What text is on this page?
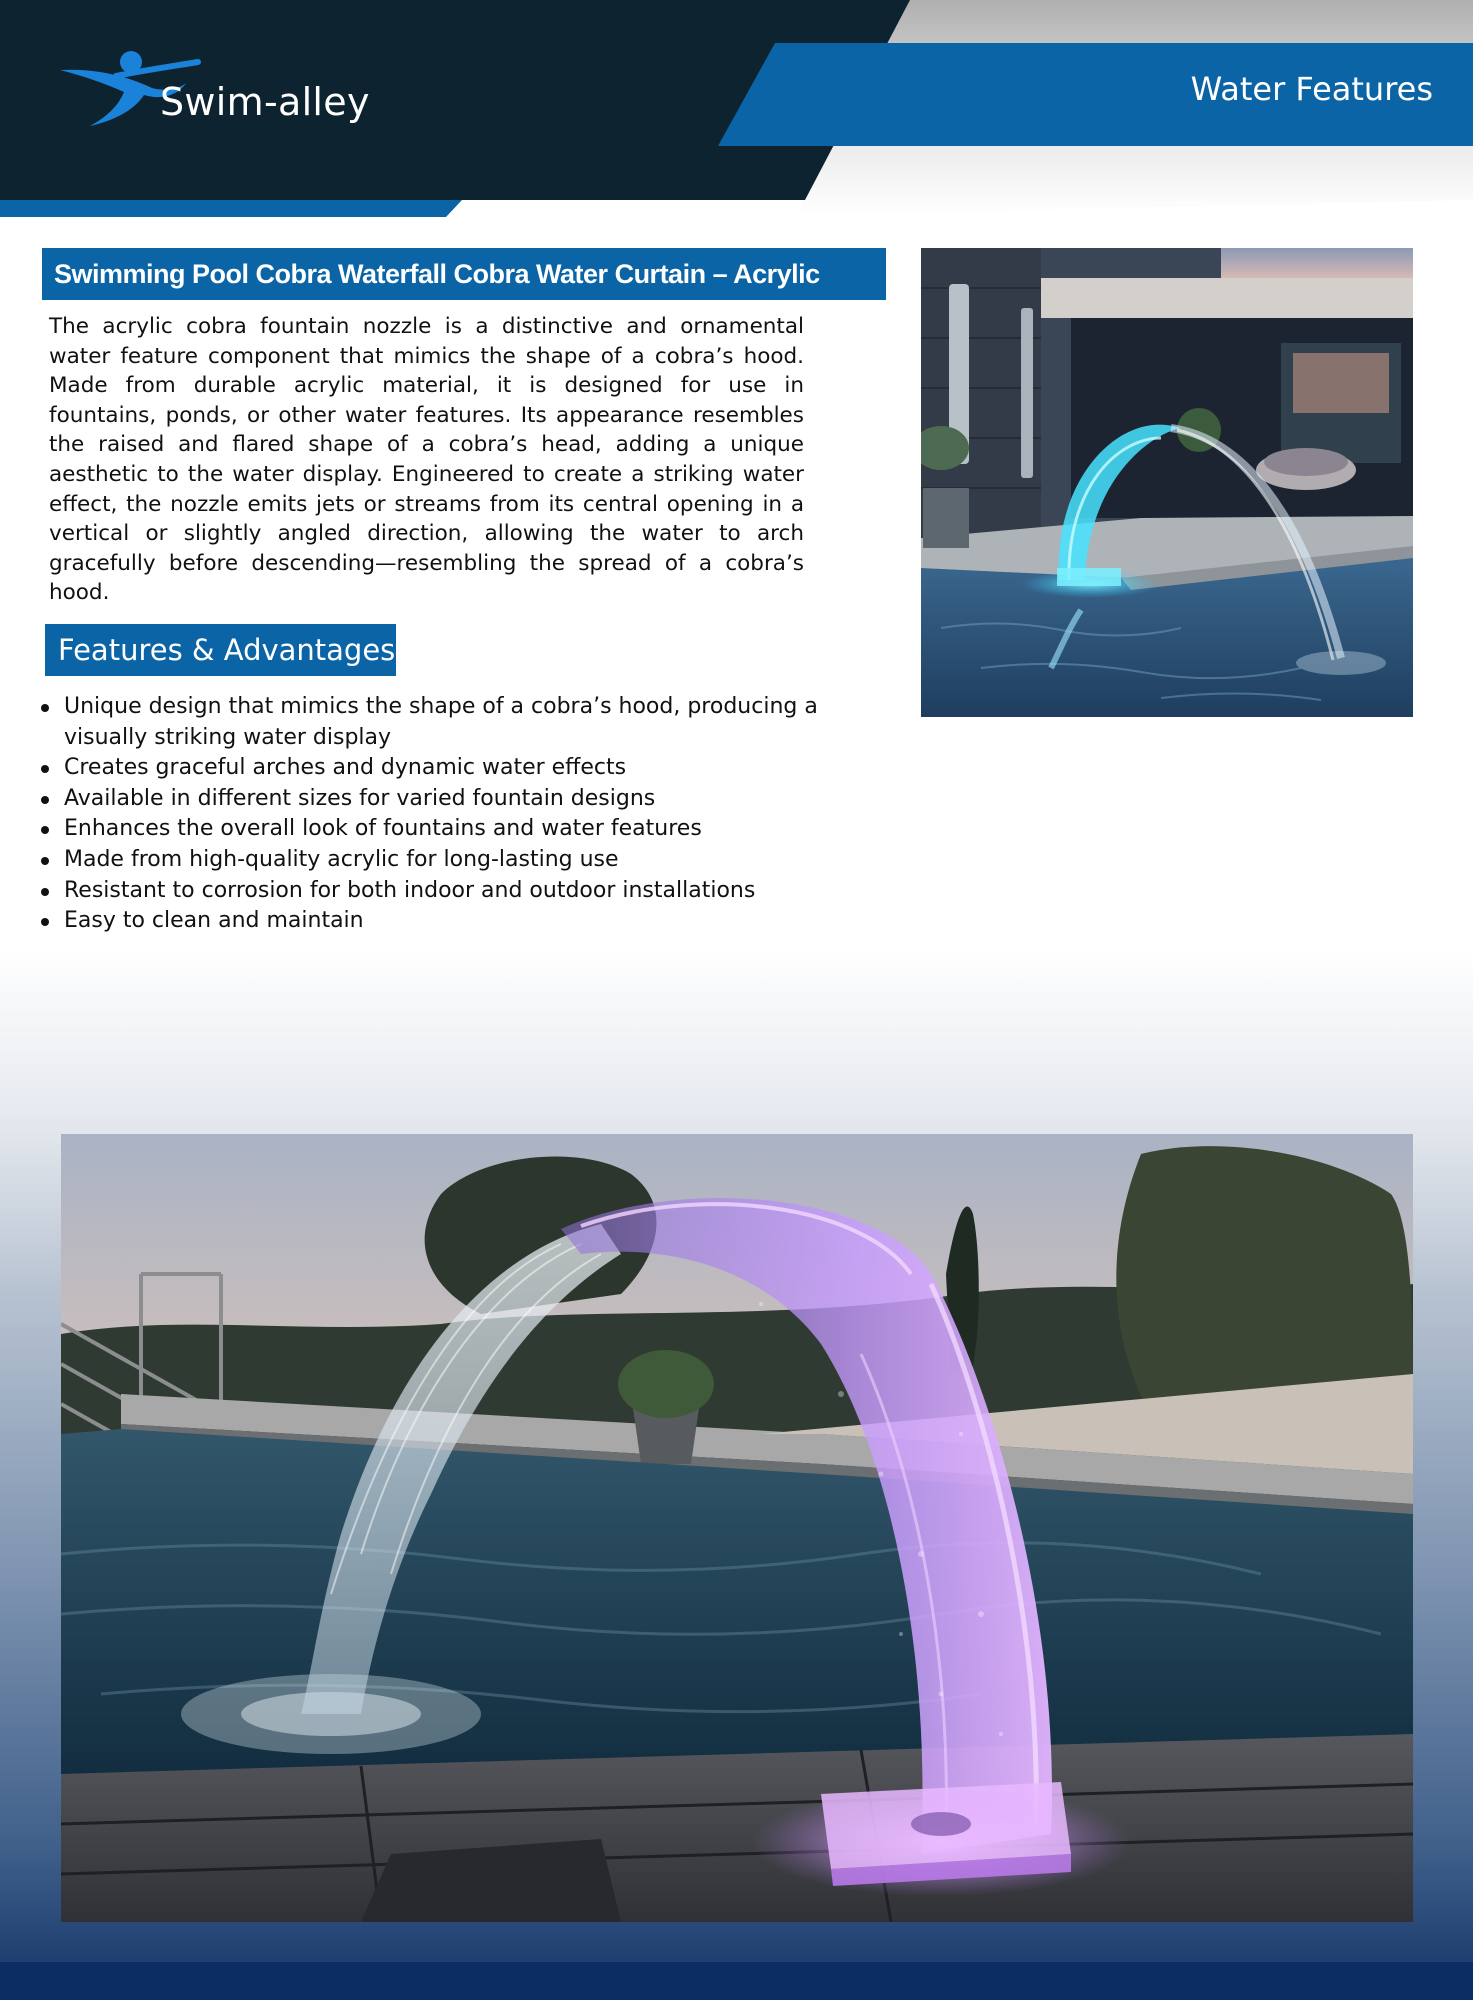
Swim-alley	Water Features
Swimming Pool Cobra Waterfall Cobra Water Curtain – Acrylic

The acrylic cobra fountain nozzle is a distinctive and ornamental water feature component that mimics the shape of a cobra’s hood. Made from durable acrylic material, it is designed for use in fountains, ponds, or other water features. Its appearance resembles the raised and flared shape of a cobra’s head, adding a unique aesthetic to the water display. Engineered to create a striking water effect, the nozzle emits jets or streams from its central opening in a vertical or slightly angled direction, allowing the water to arch gracefully before descending—resembling the spread of a cobra’s hood.

Features & Advantages
Unique design that mimics the shape of a cobra’s hood, producing a visually striking water display
Creates graceful arches and dynamic water effects
Available in different sizes for varied fountain designs
Enhances the overall look of fountains and water features
Made from high-quality acrylic for long-lasting use
Resistant to corrosion for both indoor and outdoor installations
Easy to clean and maintain
